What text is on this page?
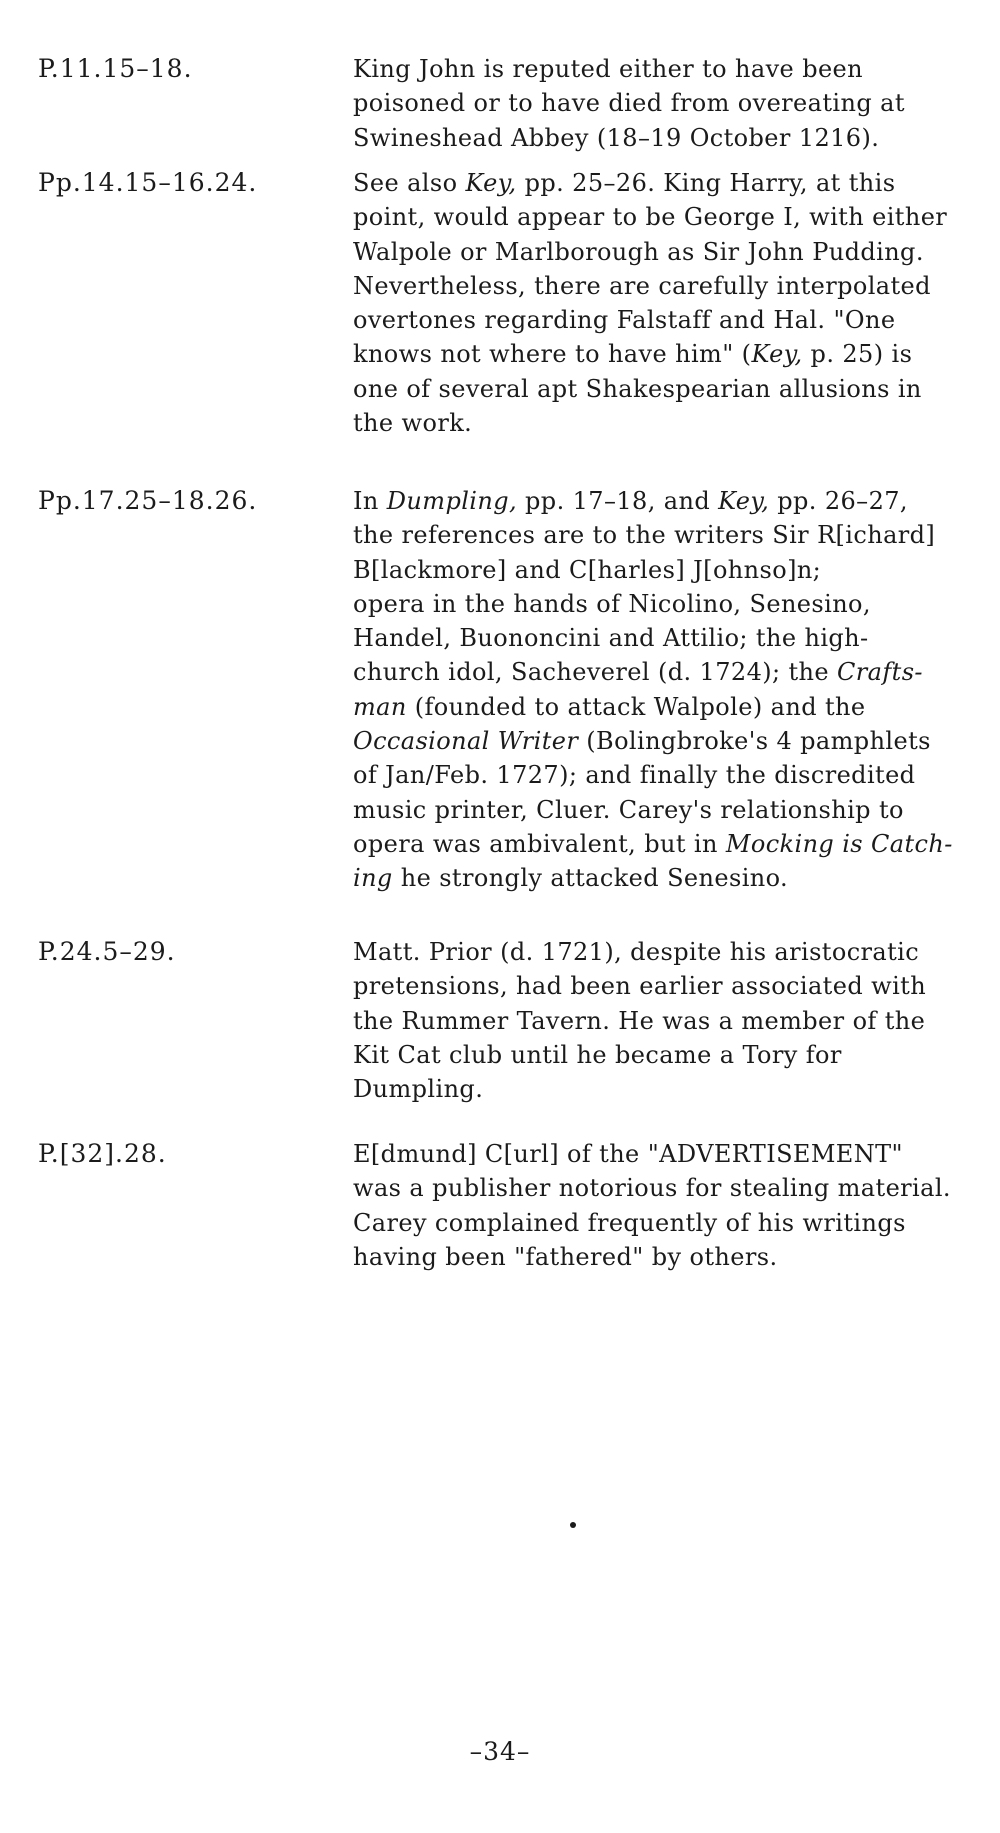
P.11.15–18.	King John is reputed either to have been
poisoned or to have died from overeating at
Swineshead Abbey (18–19 October 1216).
Pp.14.15–16.24.	See also Key, pp. 25–26. King Harry, at this
point, would appear to be George I, with either
Walpole or Marlborough as Sir John Pudding.
Nevertheless, there are carefully interpolated
overtones regarding Falstaff and Hal. "One
knows not where to have him" (Key, p. 25) is
one of several apt Shakespearian allusions in
the work.
Pp.17.25–18.26.	In Dumpling, pp. 17–18, and Key, pp. 26–27,
the references are to the writers Sir R[ichard]
B[lackmore] and C[harles] J[ohnso]n;
opera in the hands of Nicolino, Senesino,
Handel, Buononcini and Attilio; the high-
church idol, Sacheverel (d. 1724); the Crafts-
man (founded to attack Walpole) and the
Occasional Writer (Bolingbroke's 4 pamphlets
of Jan/Feb. 1727); and finally the discredited
music printer, Cluer. Carey's relationship to
opera was ambivalent, but in Mocking is Catch-
ing he strongly attacked Senesino.
P.24.5–29.	Matt. Prior (d. 1721), despite his aristocratic
pretensions, had been earlier associated with
the Rummer Tavern. He was a member of the
Kit Cat club until he became a Tory for
Dumpling.
P.[32].28.	E[dmund] C[url] of the "ADVERTISEMENT"
was a publisher notorious for stealing material.
Carey complained frequently of his writings
having been "fathered" by others.
–34–
